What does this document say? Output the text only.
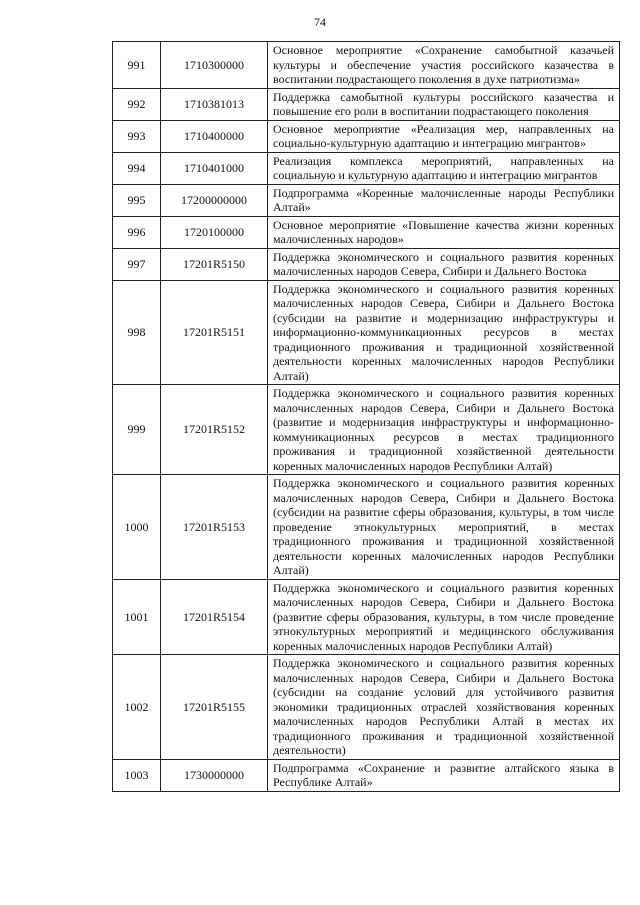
74
991	1710300000	Основное мероприятие «Сохранение самобытной казачьей культуры и обеспечение участия российского казачества в воспитании подрастающего поколения в духе патриотизма»
992	1710381013	Поддержка самобытной культуры российского казачества и повышение его роли в воспитании подрастающего поколения
993	1710400000	Основное мероприятие «Реализация мер, направленных на социально-культурную адаптацию и интеграцию мигрантов»
994	1710401000	Реализация комплекса мероприятий, направленных на социальную и культурную адаптацию и интеграцию мигрантов
995	17200000000	Подпрограмма «Коренные малочисленные народы Республики Алтай»
996	1720100000	Основное мероприятие «Повышение качества жизни коренных малочисленных народов»
997	17201R5150	Поддержка экономического и социального развития коренных малочисленных народов Севера, Сибири и Дальнего Востока
998	17201R5151	Поддержка экономического и социального развития коренных малочисленных народов Севера, Сибири и Дальнего Востока (субсидии на развитие и модернизацию инфраструктуры и информационно-коммуникационных ресурсов в местах традиционного проживания и традиционной хозяйственной деятельности коренных малочисленных народов Республики Алтай)
999	17201R5152	Поддержка экономического и социального развития коренных малочисленных народов Севера, Сибири и Дальнего Востока (развитие и модернизация инфраструктуры и информационно-коммуникационных ресурсов в местах традиционного проживания и традиционной хозяйственной деятельности коренных малочисленных народов Республики Алтай)
1000	17201R5153	Поддержка экономического и социального развития коренных малочисленных народов Севера, Сибири и Дальнего Востока (субсидии на развитие сферы образования, культуры, в том числе проведение этнокультурных мероприятий, в местах традиционного проживания и традиционной хозяйственной деятельности коренных малочисленных народов Республики Алтай)
1001	17201R5154	Поддержка экономического и социального развития коренных малочисленных народов Севера, Сибири и Дальнего Востока (развитие сферы образования, культуры, в том числе проведение этнокультурных мероприятий и медицинского обслуживания коренных малочисленных народов Республики Алтай)
1002	17201R5155	Поддержка экономического и социального развития коренных малочисленных народов Севера, Сибири и Дальнего Востока (субсидии на создание условий для устойчивого развития экономики традиционных отраслей хозяйствования коренных малочисленных народов Республики Алтай в местах их традиционного проживания и традиционной хозяйственной деятельности)
1003	1730000000	Подпрограмма «Сохранение и развитие алтайского языка в Республике Алтай»
